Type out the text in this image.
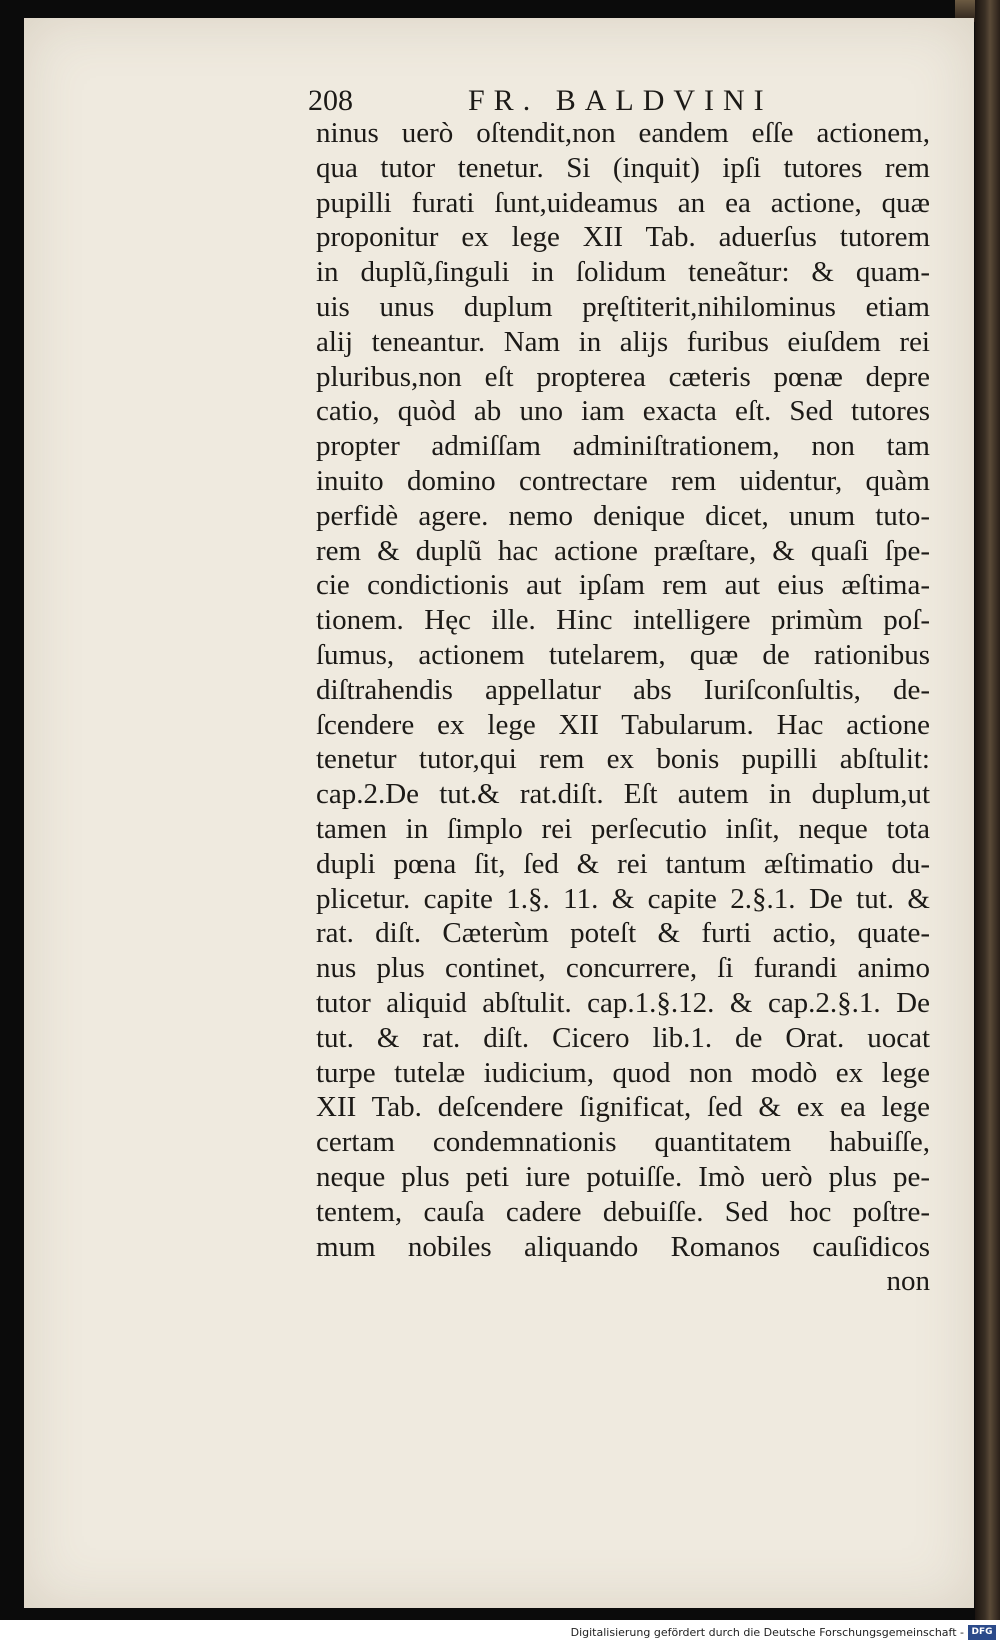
208	FR. BALDVINI
ninus uerò oſtendit,non eandem eſſe actionem,
qua tutor tenetur. Si (inquit) ipſi tutores rem
pupilli furati ſunt,uideamus an ea actione, quæ
proponitur ex lege XII Tab. aduerſus tutorem
in duplũ,ſinguli in ſolidum teneãtur: & quam-
uis unus duplum pręſtiterit,nihilominus etiam
alij teneantur. Nam in alijs furibus eiuſdem rei
pluribus,non eſt propterea cæteris pœnæ depre
catio, quòd ab uno iam exacta eſt. Sed tutores
propter admiſſam adminiſtrationem, non tam
inuito domino contrectare rem uidentur, quàm
perfidè agere. nemo denique dicet, unum tuto-
rem & duplũ hac actione præſtare, & quaſi ſpe-
cie condictionis aut ipſam rem aut eius æſtima-
tionem. Hęc ille. Hinc intelligere primùm poſ-
ſumus, actionem tutelarem, quæ de rationibus
diſtrahendis appellatur abs Iuriſconſultis, de-
ſcendere ex lege XII Tabularum. Hac actione
tenetur tutor,qui rem ex bonis pupilli abſtulit:
cap.2.De tut.& rat.diſt. Eſt autem in duplum,ut
tamen in ſimplo rei perſecutio inſit, neque tota
dupli pœna ſit, ſed & rei tantum æſtimatio du-
plicetur. capite 1.§. 11. & capite 2.§.1. De tut. &
rat. diſt. Cæterùm poteſt & furti actio, quate-
nus plus continet, concurrere, ſi furandi animo
tutor aliquid abſtulit. cap.1.§.12. & cap.2.§.1. De
tut. & rat. diſt. Cicero lib.1. de Orat. uocat
turpe tutelæ iudicium, quod non modò ex lege
XII Tab. deſcendere ſignificat, ſed & ex ea lege
certam condemnationis quantitatem habuiſſe,
neque plus peti iure potuiſſe. Imò uerò plus pe-
tentem, cauſa cadere debuiſſe. Sed hoc poſtre-
mum nobiles aliquando Romanos cauſidicos
non
Digitalisierung gefördert durch die Deutsche Forschungsgemeinschaft - DFG
